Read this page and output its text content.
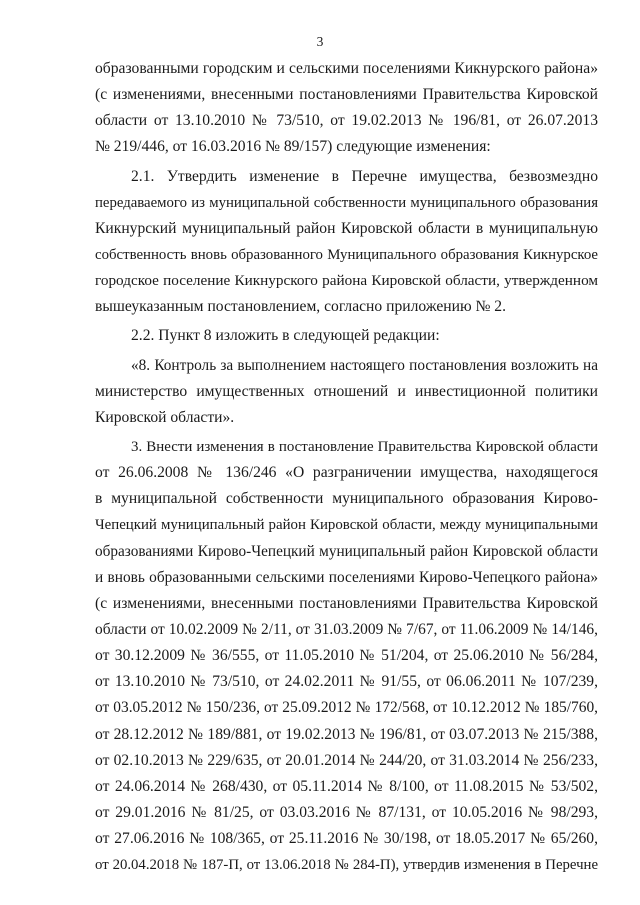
3

образованными городским и сельскими поселениями Кикнурского района»

(с изменениями, внесенными постановлениями Правительства Кировской

области от 13.10.2010 № 73/510, от 19.02.2013 № 196/81, от 26.07.2013

№ 219/446, от 16.03.2016 № 89/157) следующие изменения:

2.1. Утвердить изменение в Перечне имущества, безвозмездно

передаваемого из муниципальной собственности муниципального образования

Кикнурский муниципальный район Кировской области в муниципальную

собственность вновь образованного Муниципального образования Кикнурское

городское поселение Кикнурского района Кировской области, утвержденном

вышеуказанным постановлением, согласно приложению № 2.

2.2. Пункт 8 изложить в следующей редакции:

«8. Контроль за выполнением настоящего постановления возложить на

министерство имущественных отношений и инвестиционной политики

Кировской области».

3. Внести изменения в постановление Правительства Кировской области

от 26.06.2008 № 136/246 «О разграничении имущества, находящегося

в муниципальной собственности муниципального образования Кирово-

Чепецкий муниципальный район Кировской области, между муниципальными

образованиями Кирово-Чепецкий муниципальный район Кировской области

и вновь образованными сельскими поселениями Кирово-Чепецкого района»

(с изменениями, внесенными постановлениями Правительства Кировской

области от 10.02.2009 № 2/11, от 31.03.2009 № 7/67, от 11.06.2009 № 14/146,

от 30.12.2009 № 36/555, от 11.05.2010 № 51/204, от 25.06.2010 № 56/284,

от 13.10.2010 № 73/510, от 24.02.2011 № 91/55, от 06.06.2011 № 107/239,

от 03.05.2012 № 150/236, от 25.09.2012 № 172/568, от 10.12.2012 № 185/760,

от 28.12.2012 № 189/881, от 19.02.2013 № 196/81, от 03.07.2013 № 215/388,

от 02.10.2013 № 229/635, от 20.01.2014 № 244/20, от 31.03.2014 № 256/233,

от 24.06.2014 № 268/430, от 05.11.2014 № 8/100, от 11.08.2015 № 53/502,

от 29.01.2016 № 81/25, от 03.03.2016 № 87/131, от 10.05.2016 № 98/293,

от 27.06.2016 № 108/365, от 25.11.2016 № 30/198, от 18.05.2017 № 65/260,

от 20.04.2018 № 187-П, от 13.06.2018 № 284-П), утвердив изменения в Перечне
